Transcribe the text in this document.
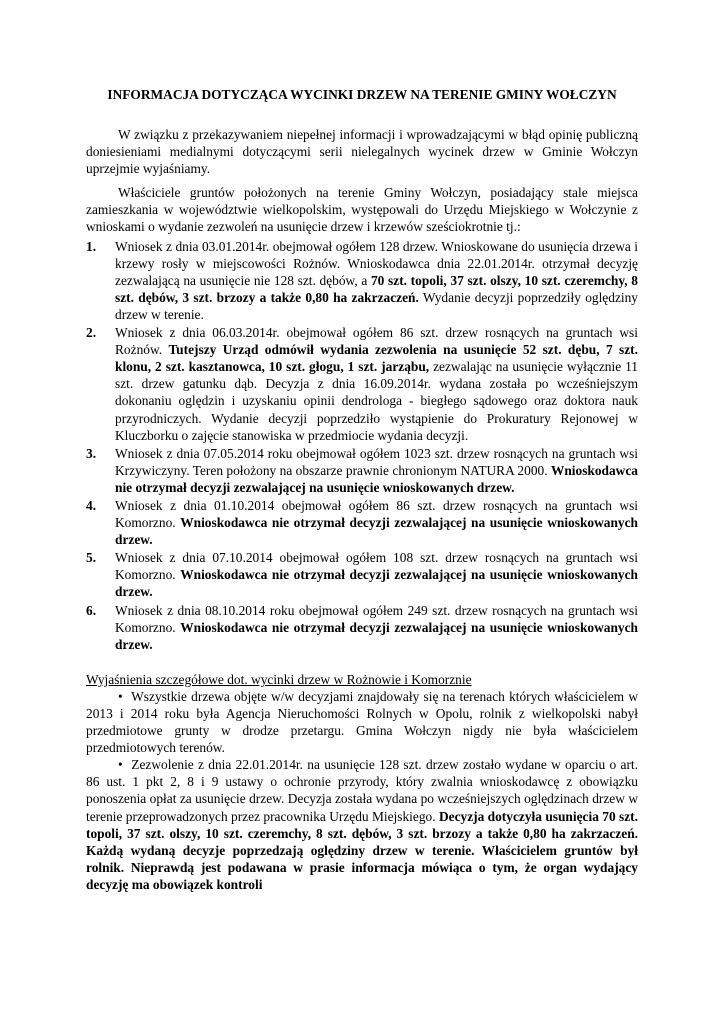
INFORMACJA DOTYCZĄCA WYCINKI DRZEW NA TERENIE GMINY WOŁCZYN

W związku z przekazywaniem niepełnej informacji i wprowadzającymi w błąd opinię publiczną doniesieniami medialnymi dotyczącymi serii nielegalnych wycinek drzew w Gminie Wołczyn uprzejmie wyjaśniamy.

Właściciele gruntów położonych na terenie Gminy Wołczyn, posiadający stale miejsca zamieszkania w województwie wielkopolskim, występowali do Urzędu Miejskiego w Wołczynie z wnioskami o wydanie zezwoleń na usunięcie drzew i krzewów sześciokrotnie tj.:

1. Wniosek z dnia 03.01.2014r. obejmował ogółem 128 drzew. Wnioskowane do usunięcia drzewa i krzewy rosły w miejscowości Rożnów. Wnioskodawca dnia 22.01.2014r. otrzymał decyzję zezwalającą na usunięcie nie 128 szt. dębów, a 70 szt. topoli, 37 szt. olszy, 10 szt. czeremchy, 8 szt. dębów, 3 szt. brzozy a także 0,80 ha zakrzaczeń. Wydanie decyzji poprzedziły oględziny drzew w terenie.
2. Wniosek z dnia 06.03.2014r. obejmował ogółem 86 szt. drzew rosnących na gruntach wsi Rożnów. Tutejszy Urząd odmówił wydania zezwolenia na usunięcie 52 szt. dębu, 7 szt. klonu, 2 szt. kasztanowca, 10 szt. głogu, 1 szt. jarząbu, zezwalając na usunięcie wyłącznie 11 szt. drzew gatunku dąb. Decyzja z dnia 16.09.2014r. wydana została po wcześniejszym dokonaniu oględzin i uzyskaniu opinii dendrologa - biegłego sądowego oraz doktora nauk przyrodniczych. Wydanie decyzji poprzedziło wystąpienie do Prokuratury Rejonowej w Kluczborku o zajęcie stanowiska w przedmiocie wydania decyzji.
3. Wniosek z dnia 07.05.2014 roku obejmował ogółem 1023 szt. drzew rosnących na gruntach wsi Krzywiczyny. Teren położony na obszarze prawnie chronionym NATURA 2000. Wnioskodawca nie otrzymał decyzji zezwalającej na usunięcie wnioskowanych drzew.
4. Wniosek z dnia 01.10.2014 obejmował ogółem 86 szt. drzew rosnących na gruntach wsi Komorzno. Wnioskodawca nie otrzymał decyzji zezwalającej na usunięcie wnioskowanych drzew.
5. Wniosek z dnia 07.10.2014 obejmował ogółem 108 szt. drzew rosnących na gruntach wsi Komorzno. Wnioskodawca nie otrzymał decyzji zezwalającej na usunięcie wnioskowanych drzew.
6. Wniosek z dnia 08.10.2014 roku obejmował ogółem 249 szt. drzew rosnących na gruntach wsi Komorzno. Wnioskodawca nie otrzymał decyzji zezwalającej na usunięcie wnioskowanych drzew.

Wyjaśnienia szczegółowe dot. wycinki drzew w Rożnowie i Komorznie

• Wszystkie drzewa objęte w/w decyzjami znajdowały się na terenach których właścicielem w 2013 i 2014 roku była Agencja Nieruchomości Rolnych w Opolu, rolnik z wielkopolski nabył przedmiotowe grunty w drodze przetargu. Gmina Wołczyn nigdy nie była właścicielem przedmiotowych terenów.

• Zezwolenie z dnia 22.01.2014r. na usunięcie 128 szt. drzew zostało wydane w oparciu o art. 86 ust. 1 pkt 2, 8 i 9 ustawy o ochronie przyrody, który zwalnia wnioskodawcę z obowiązku ponoszenia opłat za usunięcie drzew. Decyzja została wydana po wcześniejszych oględzinach drzew w terenie przeprowadzonych przez pracownika Urzędu Miejskiego. Decyzja dotyczyła usunięcia 70 szt. topoli, 37 szt. olszy, 10 szt. czeremchy, 8 szt. dębów, 3 szt. brzozy a także 0,80 ha zakrzaczeń. Każdą wydaną decyzje poprzedzają oględziny drzew w terenie. Właścicielem gruntów był rolnik. Nieprawdą jest podawana w prasie informacja mówiąca o tym, że organ wydający decyzję ma obowiązek kontroli
